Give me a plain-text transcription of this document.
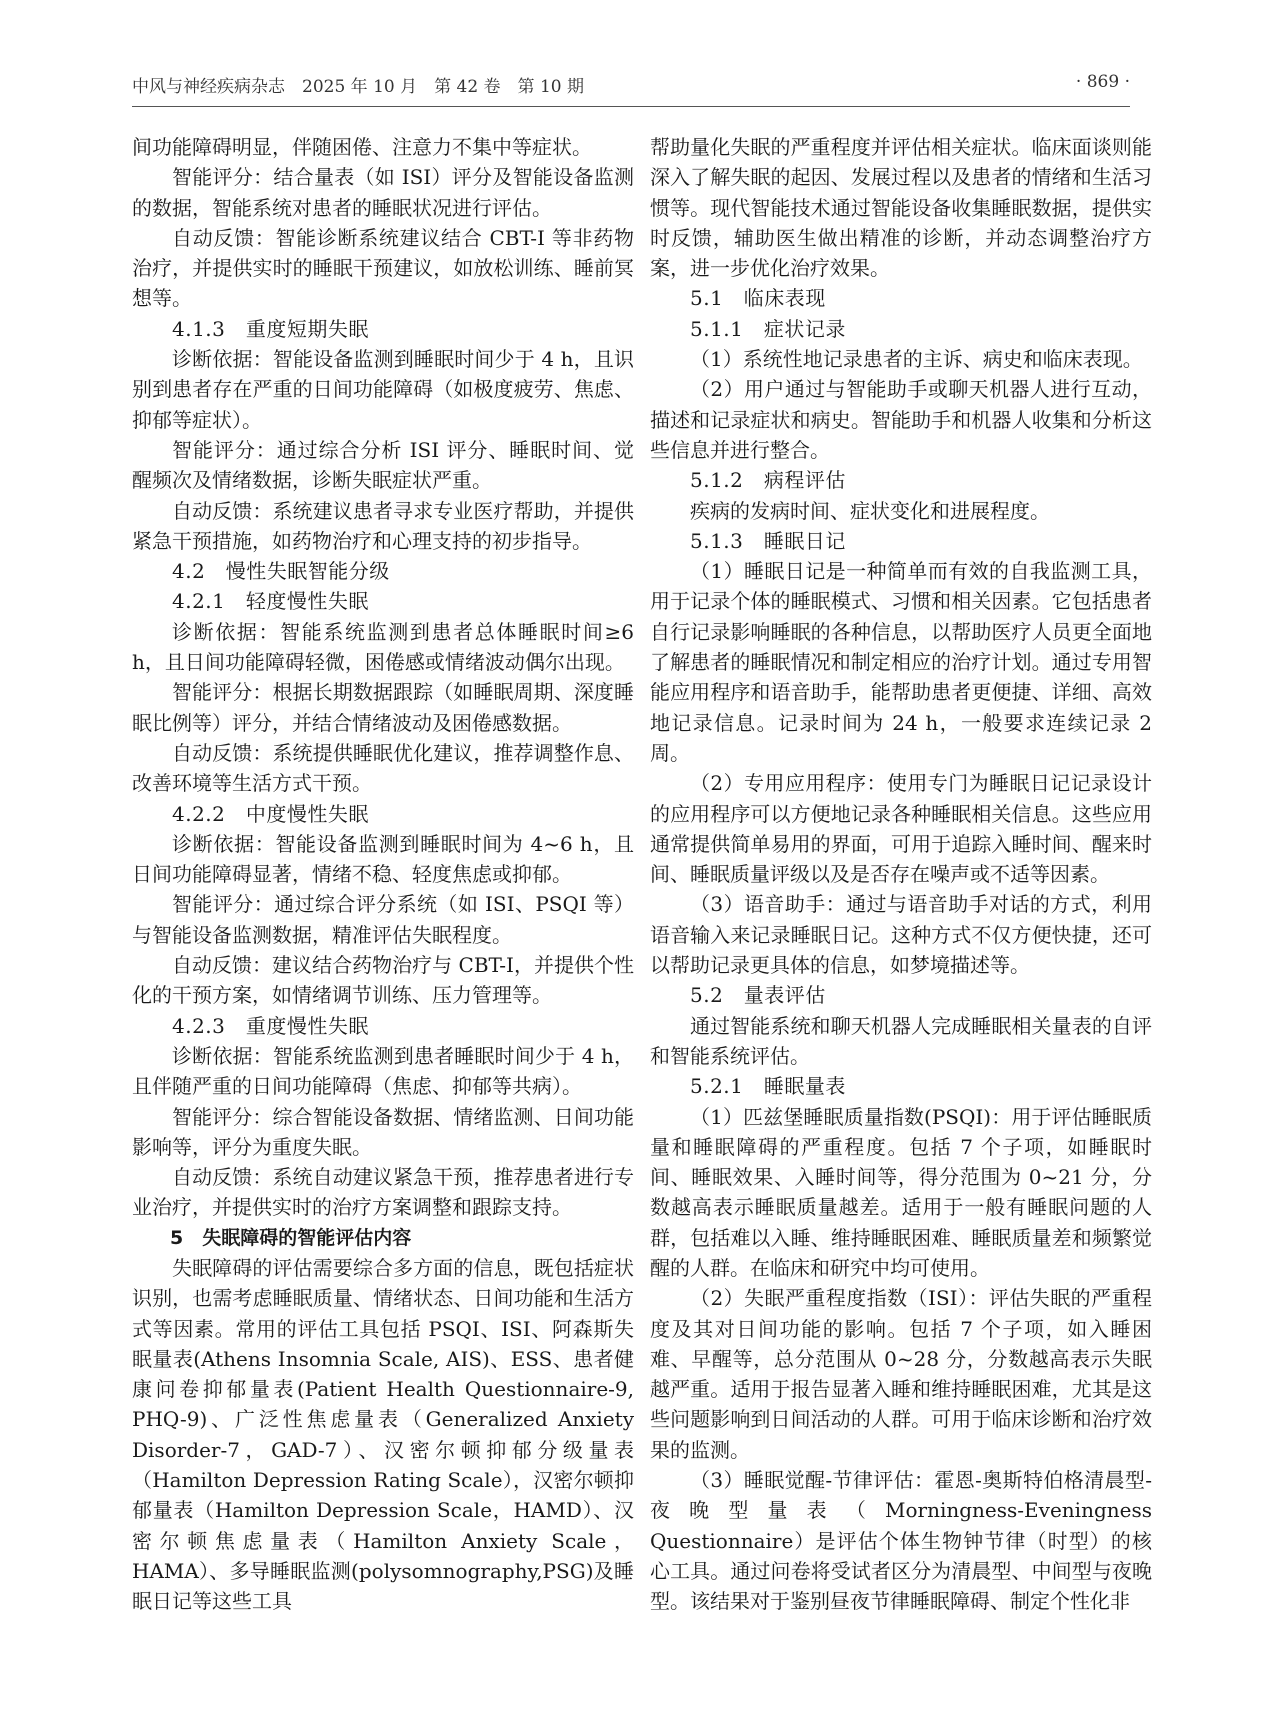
中风与神经疾病杂志　2025 年 10 月　第 42 卷　第 10 期	· 869 ·

间功能障碍明显，伴随困倦、注意力不集中等症状。

智能评分：结合量表（如 ISI）评分及智能设备监测的数据，智能系统对患者的睡眠状况进行评估。

自动反馈：智能诊断系统建议结合 CBT-I 等非药物治疗，并提供实时的睡眠干预建议，如放松训练、睡前冥想等。

4.1.3　重度短期失眠

诊断依据：智能设备监测到睡眠时间少于 4 h，且识别到患者存在严重的日间功能障碍（如极度疲劳、焦虑、抑郁等症状）。

智能评分：通过综合分析 ISI 评分、睡眠时间、觉醒频次及情绪数据，诊断失眠症状严重。

自动反馈：系统建议患者寻求专业医疗帮助，并提供紧急干预措施，如药物治疗和心理支持的初步指导。

4.2　慢性失眠智能分级

4.2.1　轻度慢性失眠

诊断依据：智能系统监测到患者总体睡眠时间≥6 h，且日间功能障碍轻微，困倦感或情绪波动偶尔出现。

智能评分：根据长期数据跟踪（如睡眠周期、深度睡眠比例等）评分，并结合情绪波动及困倦感数据。

自动反馈：系统提供睡眠优化建议，推荐调整作息、改善环境等生活方式干预。

4.2.2　中度慢性失眠

诊断依据：智能设备监测到睡眠时间为 4~6 h，且日间功能障碍显著，情绪不稳、轻度焦虑或抑郁。

智能评分：通过综合评分系统（如 ISI、PSQI 等）与智能设备监测数据，精准评估失眠程度。

自动反馈：建议结合药物治疗与 CBT-I，并提供个性化的干预方案，如情绪调节训练、压力管理等。

4.2.3　重度慢性失眠

诊断依据：智能系统监测到患者睡眠时间少于 4 h，且伴随严重的日间功能障碍（焦虑、抑郁等共病）。

智能评分：综合智能设备数据、情绪监测、日间功能影响等，评分为重度失眠。

自动反馈：系统自动建议紧急干预，推荐患者进行专业治疗，并提供实时的治疗方案调整和跟踪支持。

5　失眠障碍的智能评估内容

失眠障碍的评估需要综合多方面的信息，既包括症状识别，也需考虑睡眠质量、情绪状态、日间功能和生活方式等因素。常用的评估工具包括 PSQI、ISI、阿森斯失眠量表(Athens Insomnia Scale, AIS)、ESS、患者健康问卷抑郁量表(Patient Health Questionnaire-9, PHQ-9)、广泛性焦虑量表（Generalized Anxiety Disorder-7，GAD-7）、汉密尔顿抑郁分级量表（Hamilton Depression Rating Scale），汉密尔顿抑郁量表（Hamilton Depression Scale，HAMD）、汉密尔顿焦虑量表（Hamilton Anxiety Scale，HAMA）、多导睡眠监测(polysomnography,PSG)及睡眠日记等这些工具

帮助量化失眠的严重程度并评估相关症状。临床面谈则能深入了解失眠的起因、发展过程以及患者的情绪和生活习惯等。现代智能技术通过智能设备收集睡眠数据，提供实时反馈，辅助医生做出精准的诊断，并动态调整治疗方案，进一步优化治疗效果。

5.1　临床表现

5.1.1　症状记录

（1）系统性地记录患者的主诉、病史和临床表现。

（2）用户通过与智能助手或聊天机器人进行互动，描述和记录症状和病史。智能助手和机器人收集和分析这些信息并进行整合。

5.1.2　病程评估

疾病的发病时间、症状变化和进展程度。

5.1.3　睡眠日记

（1）睡眠日记是一种简单而有效的自我监测工具，用于记录个体的睡眠模式、习惯和相关因素。它包括患者自行记录影响睡眠的各种信息，以帮助医疗人员更全面地了解患者的睡眠情况和制定相应的治疗计划。通过专用智能应用程序和语音助手，能帮助患者更便捷、详细、高效地记录信息。记录时间为 24 h，一般要求连续记录 2 周。

（2）专用应用程序：使用专门为睡眠日记记录设计的应用程序可以方便地记录各种睡眠相关信息。这些应用通常提供简单易用的界面，可用于追踪入睡时间、醒来时间、睡眠质量评级以及是否存在噪声或不适等因素。

（3）语音助手：通过与语音助手对话的方式，利用语音输入来记录睡眠日记。这种方式不仅方便快捷，还可以帮助记录更具体的信息，如梦境描述等。

5.2　量表评估

通过智能系统和聊天机器人完成睡眠相关量表的自评和智能系统评估。

5.2.1　睡眠量表

（1）匹兹堡睡眠质量指数(PSQI)：用于评估睡眠质量和睡眠障碍的严重程度。包括 7 个子项，如睡眠时间、睡眠效果、入睡时间等，得分范围为 0~21 分，分数越高表示睡眠质量越差。适用于一般有睡眠问题的人群，包括难以入睡、维持睡眠困难、睡眠质量差和频繁觉醒的人群。在临床和研究中均可使用。

（2）失眠严重程度指数（ISI）：评估失眠的严重程度及其对日间功能的影响。包括 7 个子项，如入睡困难、早醒等，总分范围从 0~28 分，分数越高表示失眠越严重。适用于报告显著入睡和维持睡眠困难，尤其是这些问题影响到日间活动的人群。可用于临床诊断和治疗效果的监测。

（3）睡眠觉醒-节律评估：霍恩-奥斯特伯格清晨型-夜晚型量表（Morningness-Eveningness Questionnaire）是评估个体生物钟节律（时型）的核心工具。通过问卷将受试者区分为清晨型、中间型与夜晚型。该结果对于鉴别昼夜节律睡眠障碍、制定个性化非
